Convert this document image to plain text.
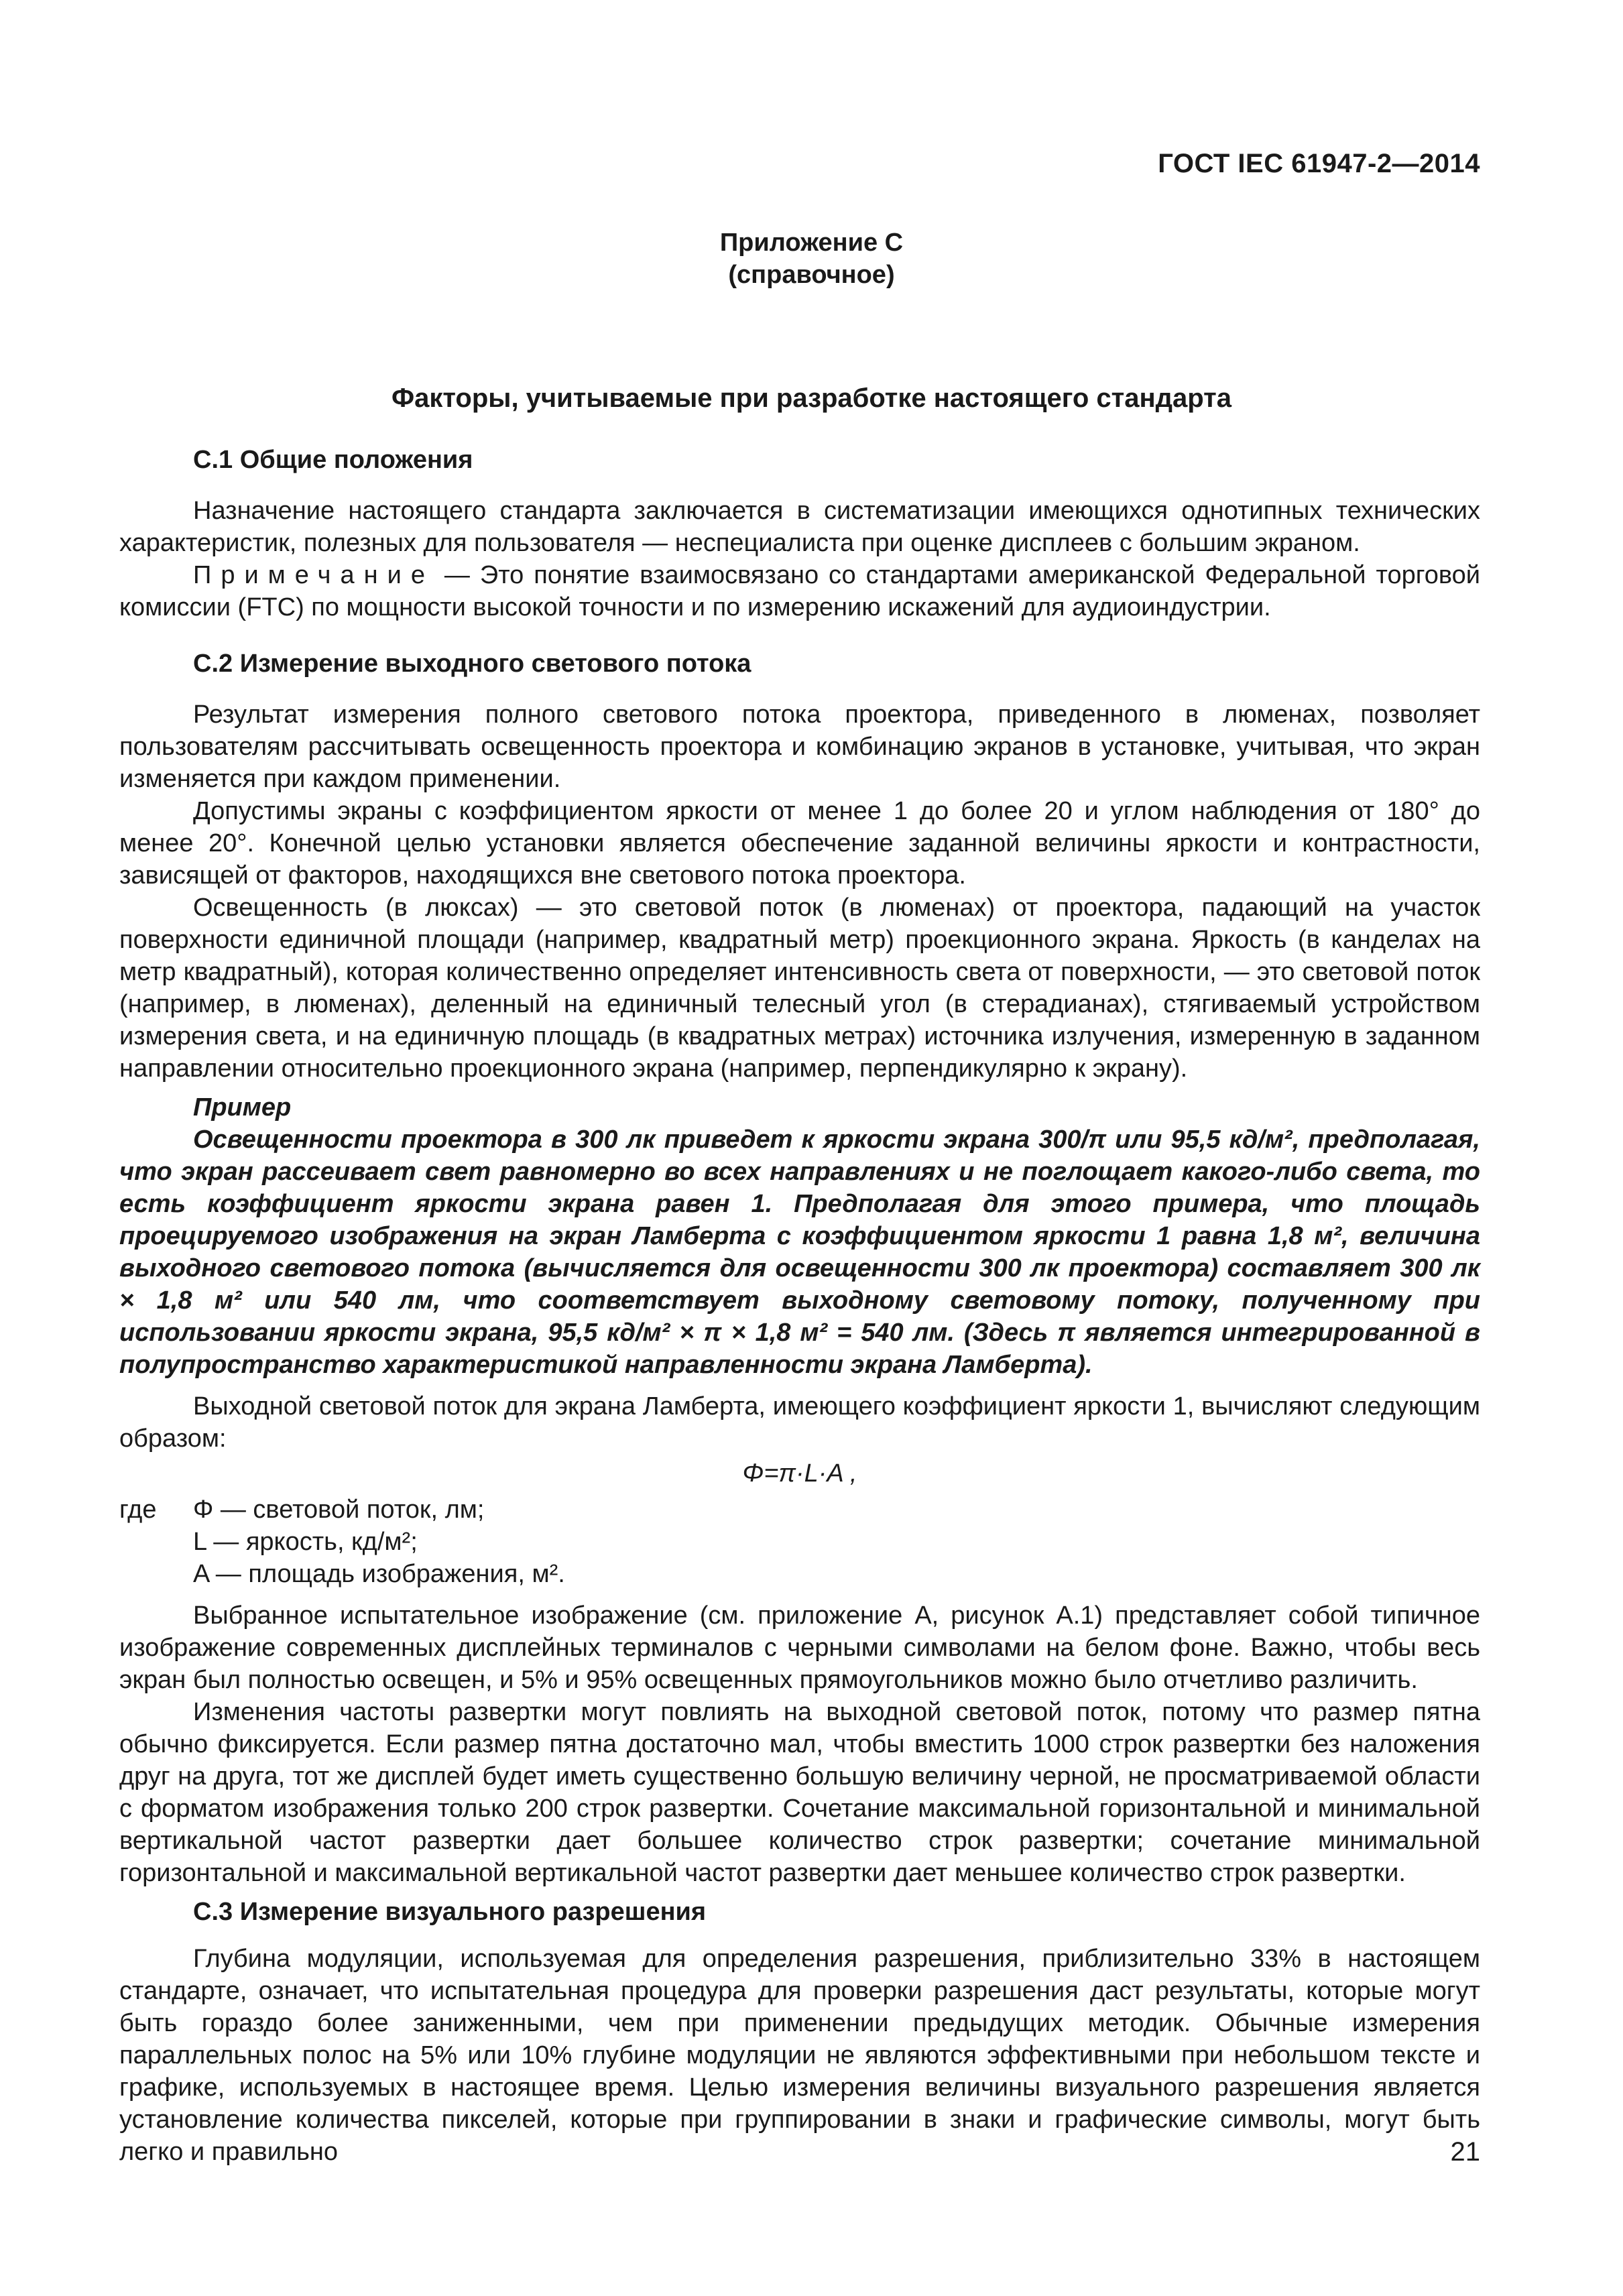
ГОСТ IEC 61947-2—2014
Приложение С
(справочное)
Факторы, учитываемые при разработке настоящего стандарта
С.1 Общие положения

Назначение настоящего стандарта заключается в систематизации имеющихся однотипных технических характеристик, полезных для пользователя — неспециалиста при оценке дисплеев с большим экраном.

Примечание — Это понятие взаимосвязано со стандартами американской Федеральной торговой комиссии (FTC) по мощности высокой точности и по измерению искажений для аудиоиндустрии.

С.2 Измерение выходного светового потока

Результат измерения полного светового потока проектора, приведенного в люменах, позволяет пользователям рассчитывать освещенность проектора и комбинацию экранов в установке, учитывая, что экран изменяется при каждом применении.

Допустимы экраны с коэффициентом яркости от менее 1 до более 20 и углом наблюдения от 180° до менее 20°. Конечной целью установки является обеспечение заданной величины яркости и контрастности, зависящей от факторов, находящихся вне светового потока проектора.

Освещенность (в люксах) — это световой поток (в люменах) от проектора, падающий на участок поверхности единичной площади (например, квадратный метр) проекционного экрана. Яркость (в канделах на метр квадратный), которая количественно определяет интенсивность света от поверхности, — это световой поток (например, в люменах), деленный на единичный телесный угол (в стерадианах), стягиваемый устройством измерения света, и на единичную площадь (в квадратных метрах) источника излучения, измеренную в заданном направлении относительно проекционного экрана (например, перпендикулярно к экрану).

Пример

Освещенности проектора в 300 лк приведет к яркости экрана 300/π или 95,5 кд/м², предполагая, что экран рассеивает свет равномерно во всех направлениях и не поглощает какого-либо света, то есть коэффициент яркости экрана равен 1. Предполагая для этого примера, что площадь проецируемого изображения на экран Ламберта с коэффициентом яркости 1 равна 1,8 м², величина выходного светового потока (вычисляется для освещенности 300 лк проектора) составляет 300 лк × 1,8 м² или 540 лм, что соответствует выходному световому потоку, полученному при использовании яркости экрана, 95,5 кд/м² × π × 1,8 м² = 540 лм. (Здесь π является интегрированной в полупространство характеристикой направленности экрана Ламберта).

Выходной световой поток для экрана Ламберта, имеющего коэффициент яркости 1, вычисляют следующим образом:

Φ=π·L·A ,
где	Φ — световой поток, лм;
L — яркость, кд/м²;
A — площадь изображения, м².

Выбранное испытательное изображение (см. приложение А, рисунок А.1) представляет собой типичное изображение современных дисплейных терминалов с черными символами на белом фоне. Важно, чтобы весь экран был полностью освещен, и 5% и 95% освещенных прямоугольников можно было отчетливо различить.

Изменения частоты развертки могут повлиять на выходной световой поток, потому что размер пятна обычно фиксируется. Если размер пятна достаточно мал, чтобы вместить 1000 строк развертки без наложения друг на друга, тот же дисплей будет иметь существенно большую величину черной, не просматриваемой области с форматом изображения только 200 строк развертки. Сочетание максимальной горизонтальной и минимальной вертикальной частот развертки дает большее количество строк развертки; сочетание минимальной горизонтальной и максимальной вертикальной частот развертки дает меньшее количество строк развертки.

С.3 Измерение визуального разрешения

Глубина модуляции, используемая для определения разрешения, приблизительно 33% в настоящем стандарте, означает, что испытательная процедура для проверки разрешения даст результаты, которые могут быть гораздо более заниженными, чем при применении предыдущих методик. Обычные измерения параллельных полос на 5% или 10% глубине модуляции не являются эффективными при небольшом тексте и графике, используемых в настоящее время. Целью измерения величины визуального разрешения является установление количества пикселей, которые при группировании в знаки и графические символы, могут быть легко и правильно	21
